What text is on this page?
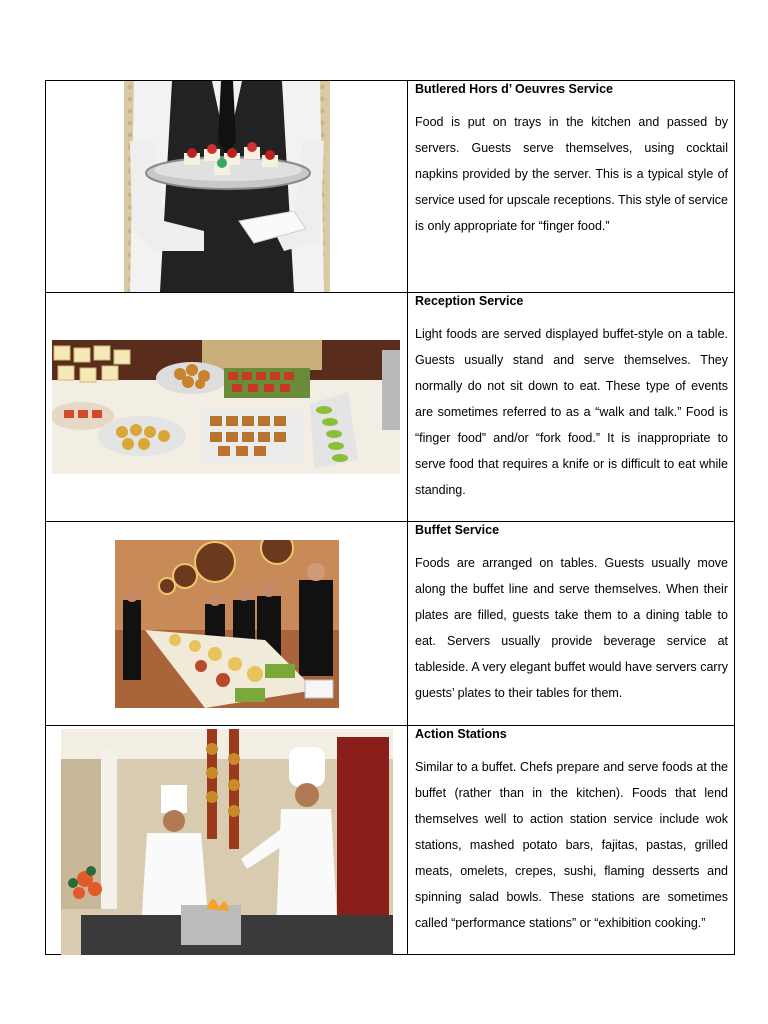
Butlered Hors d’ Oeuvres Service
Food is put on trays in the kitchen and passed by servers. Guests serve themselves, using cocktail napkins provided by the server. This is a typical style of service used for upscale receptions. This style of service is only appropriate for “finger food.”
Reception Service
Light foods are served displayed buffet-style on a table. Guests usually stand and serve themselves. They normally do not sit down to eat. These type of events are sometimes referred to as a “walk and talk.” Food is “finger food” and/or “fork food.” It is inappropriate to serve food that requires a knife or is difficult to eat while standing.
Buffet Service
Foods are arranged on tables. Guests usually move along the buffet line and serve themselves. When their plates are filled, guests take them to a dining table to eat. Servers usually provide beverage service at tableside. A very elegant buffet would have servers carry guests’ plates to their tables for them.
Action Stations
Similar to a buffet. Chefs prepare and serve foods at the buffet (rather than in the kitchen). Foods that lend themselves well to action station service include wok stations, mashed potato bars, fajitas, pastas, grilled meats, omelets, crepes, sushi, flaming desserts and spinning salad bowls. These stations are sometimes called “performance stations” or “exhibition cooking.”
